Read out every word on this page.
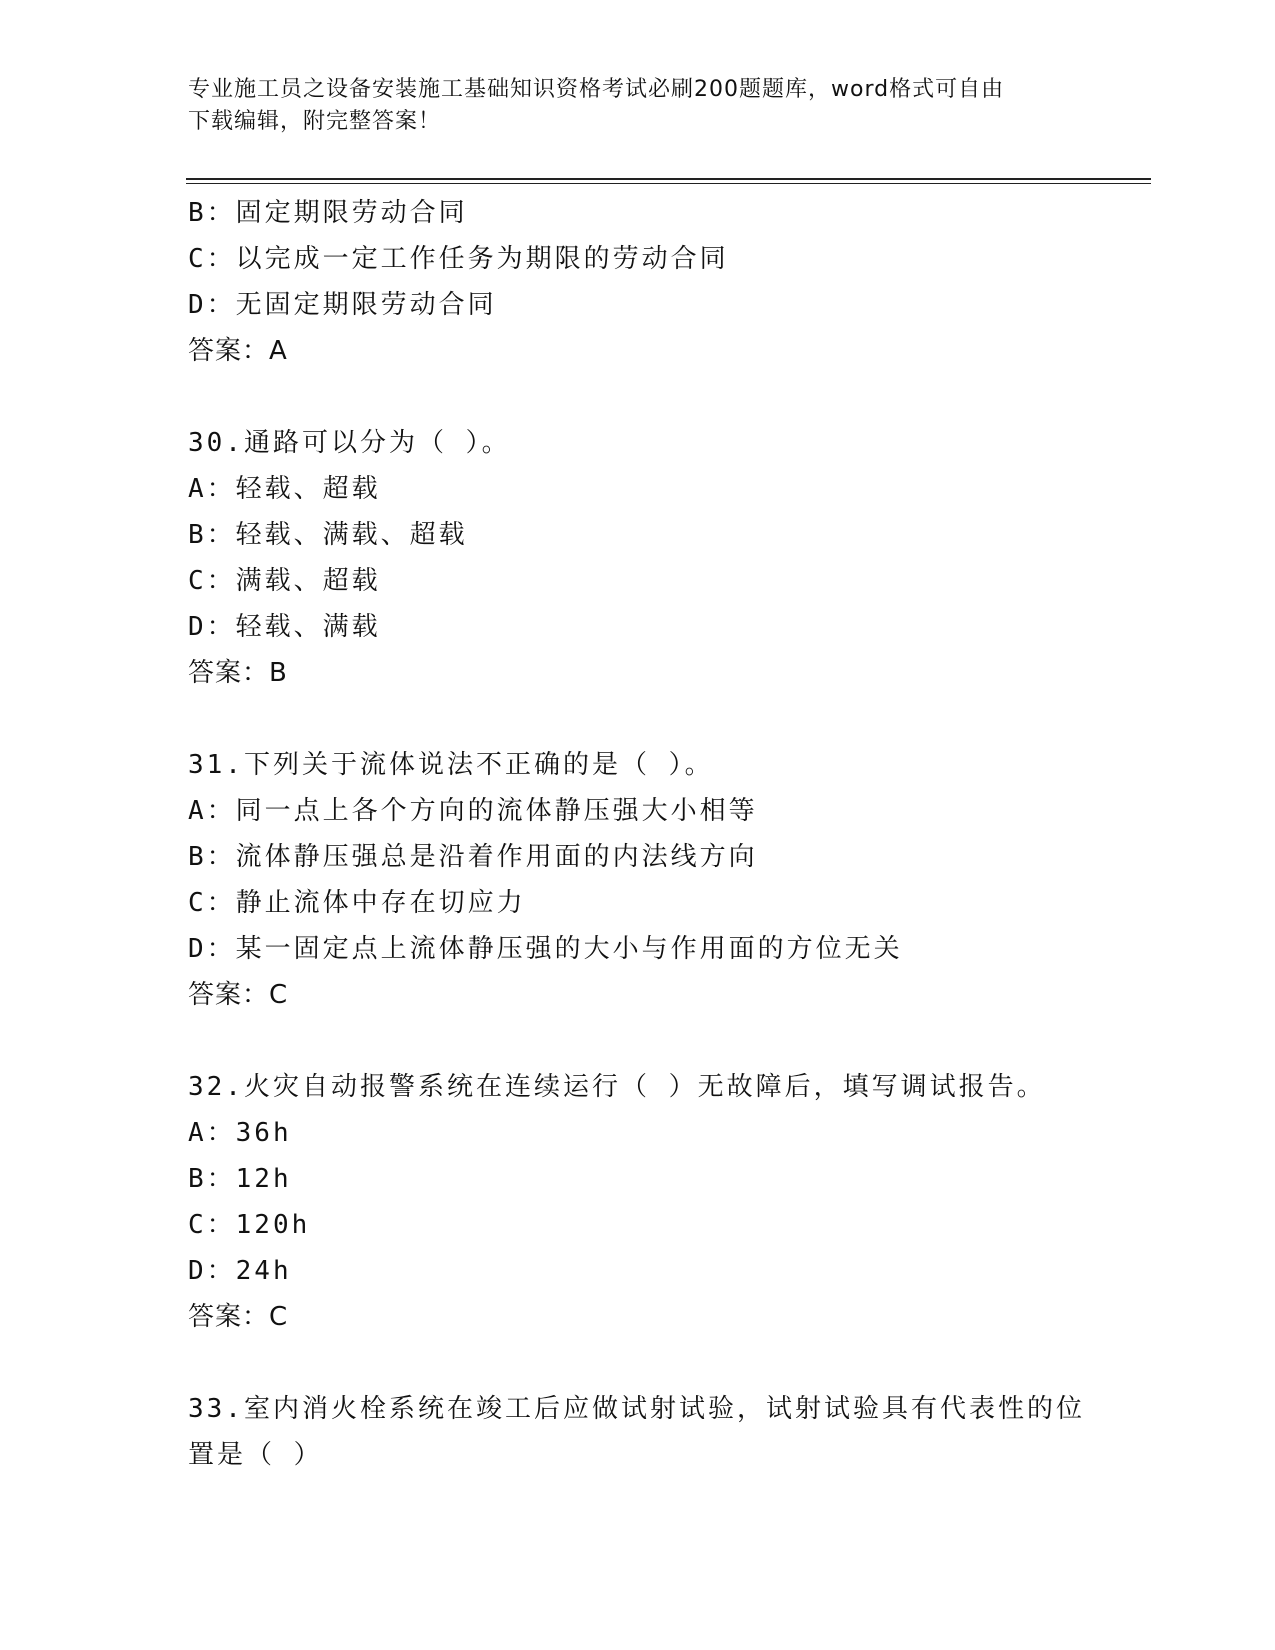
专业施工员之设备安装施工基础知识资格考试必刷200题题库，word格式可自由
下载编辑，附完整答案！
B：固定期限劳动合同
C：以完成一定工作任务为期限的劳动合同
D：无固定期限劳动合同
答案：A
30.通路可以分为（ ）。
A：轻载、超载
B：轻载、满载、超载
C：满载、超载
D：轻载、满载
答案：B
31.下列关于流体说法不正确的是（ ）。
A：同一点上各个方向的流体静压强大小相等
B：流体静压强总是沿着作用面的内法线方向
C：静止流体中存在切应力
D：某一固定点上流体静压强的大小与作用面的方位无关
答案：C
32.火灾自动报警系统在连续运行（ ）无故障后，填写调试报告。
A：36h
B：12h
C：120h
D：24h
答案：C
33.室内消火栓系统在竣工后应做试射试验，试射试验具有代表性的位
置是（ ）
